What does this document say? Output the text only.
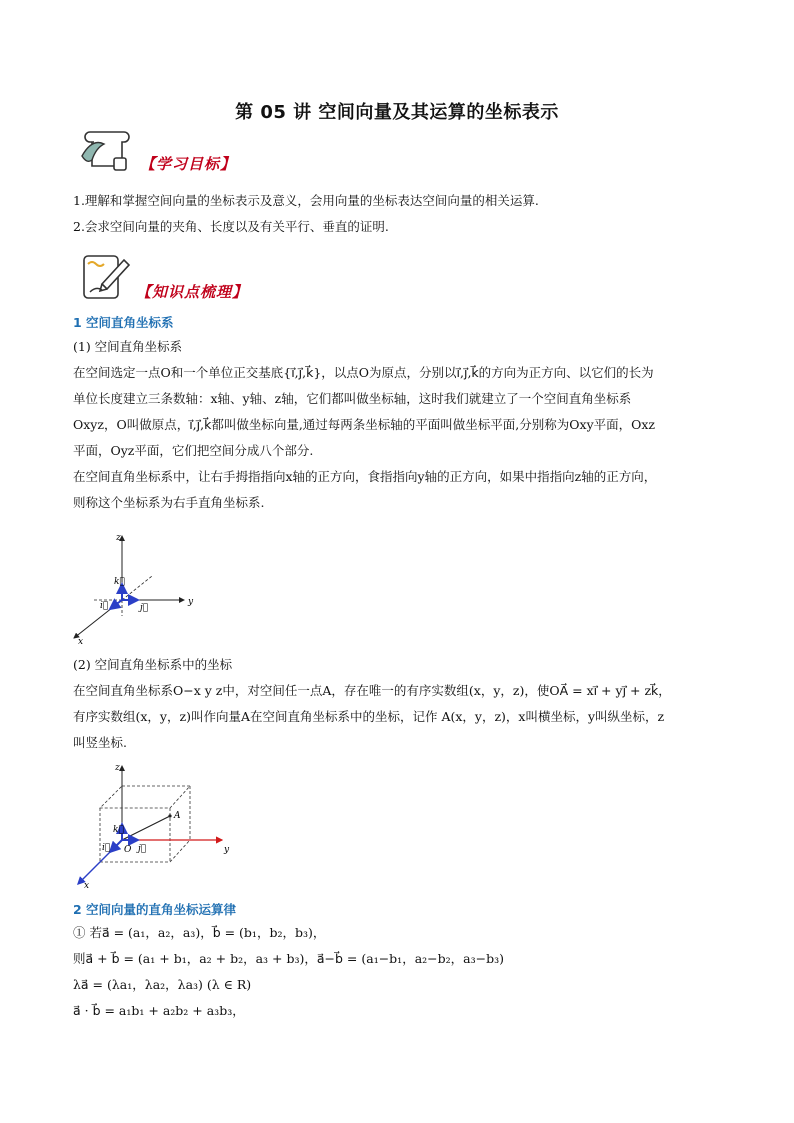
第 05 讲 空间向量及其运算的坐标表示
【学习目标】
1.理解和掌握空间向量的坐标表示及意义，会用向量的坐标表达空间向量的相关运算.
2.会求空间向量的夹角、长度以及有关平行、垂直的证明.
【知识点梳理】
1 空间直角坐标系
(1) 空间直角坐标系
在空间选定一点O和一个单位正交基底{i⃗,j⃗,k⃗}，以点O为原点，分别以i⃗,j⃗,k⃗的方向为正方向、以它们的长为
单位长度建立三条数轴：x轴、y轴、z轴，它们都叫做坐标轴，这时我们就建立了一个空间直角坐标系
Oxyz，O叫做原点，i⃗,j⃗,k⃗都叫做坐标向量,通过每两条坐标轴的平面叫做坐标平面,分别称为Oxy平面，Oxz
平面，Oyz平面，它们把空间分成八个部分.
在空间直角坐标系中，让右手拇指指向x轴的正方向，食指指向y轴的正方向，如果中指指向z轴的正方向，
则称这个坐标系为右手直角坐标系.
z
y
x
k⃗
j⃗
i⃗
(2) 空间直角坐标系中的坐标
在空间直角坐标系O−x y z中，对空间任一点A，存在唯一的有序实数组(x，y，z)，使OA⃗ = xi⃗ + yj⃗ + zk⃗，
有序实数组(x，y，z)叫作向量A在空间直角坐标系中的坐标，记作 A(x，y，z)，x叫横坐标，y叫纵坐标，z
叫竖坐标.
z
y
x
A
O
k⃗
j⃗
i⃗
2 空间向量的直角坐标运算律
① 若a⃗ = (a₁，a₂，a₃)，b⃗ = (b₁，b₂，b₃)，
则a⃗ + b⃗ = (a₁ + b₁，a₂ + b₂，a₃ + b₃)，a⃗−b⃗ = (a₁−b₁，a₂−b₂，a₃−b₃)
λa⃗ = (λa₁，λa₂，λa₃) (λ ∈ R)
a⃗ · b⃗ = a₁b₁ + a₂b₂ + a₃b₃，
